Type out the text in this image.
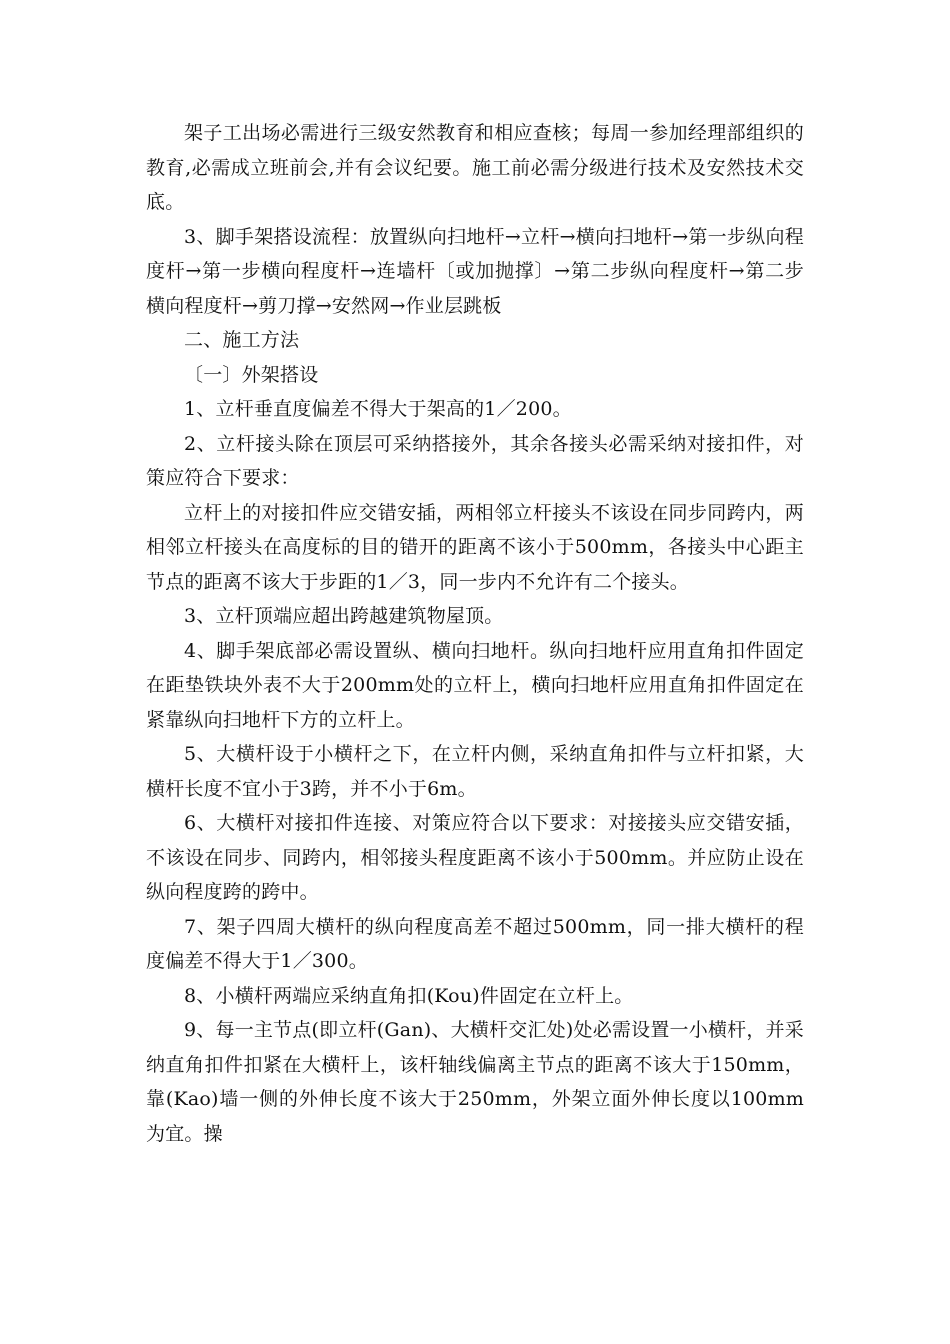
架子工出场必需进行三级安然教育和相应查核；每周一参加经理部组织的教育,必需成立班前会,并有会议纪要。施工前必需分级进行技术及安然技术交底。

3、脚手架搭设流程：放置纵向扫地杆→立杆→横向扫地杆→第一步纵向程度杆→第一步横向程度杆→连墙杆〔或加抛撑〕→第二步纵向程度杆→第二步横向程度杆→剪刀撑→安然网→作业层跳板

二、施工方法

〔一〕外架搭设

1、立杆垂直度偏差不得大于架高的1／200。

2、立杆接头除在顶层可采纳搭接外，其余各接头必需采纳对接扣件，对策应符合下要求：

立杆上的对接扣件应交错安插，两相邻立杆接头不该设在同步同跨内，两相邻立杆接头在高度标的目的错开的距离不该小于500mm，各接头中心距主节点的距离不该大于步距的1／3，同一步内不允许有二个接头。

3、立杆顶端应超出跨越建筑物屋顶。

4、脚手架底部必需设置纵、横向扫地杆。纵向扫地杆应用直角扣件固定在距垫铁块外表不大于200mm处的立杆上，横向扫地杆应用直角扣件固定在紧靠纵向扫地杆下方的立杆上。

5、大横杆设于小横杆之下，在立杆内侧，采纳直角扣件与立杆扣紧，大横杆长度不宜小于3跨，并不小于6m。

6、大横杆对接扣件连接、对策应符合以下要求：对接接头应交错安插，不该设在同步、同跨内，相邻接头程度距离不该小于500mm。并应防止设在纵向程度跨的跨中。

7、架子四周大横杆的纵向程度高差不超过500mm，同一排大横杆的程度偏差不得大于1／300。

8、小横杆两端应采纳直角扣(Kou)件固定在立杆上。

9、每一主节点(即立杆(Gan)、大横杆交汇处)处必需设置一小横杆，并采纳直角扣件扣紧在大横杆上，该杆轴线偏离主节点的距离不该大于150mm，靠(Kao)墙一侧的外伸长度不该大于250mm，外架立面外伸长度以100mm为宜。操
